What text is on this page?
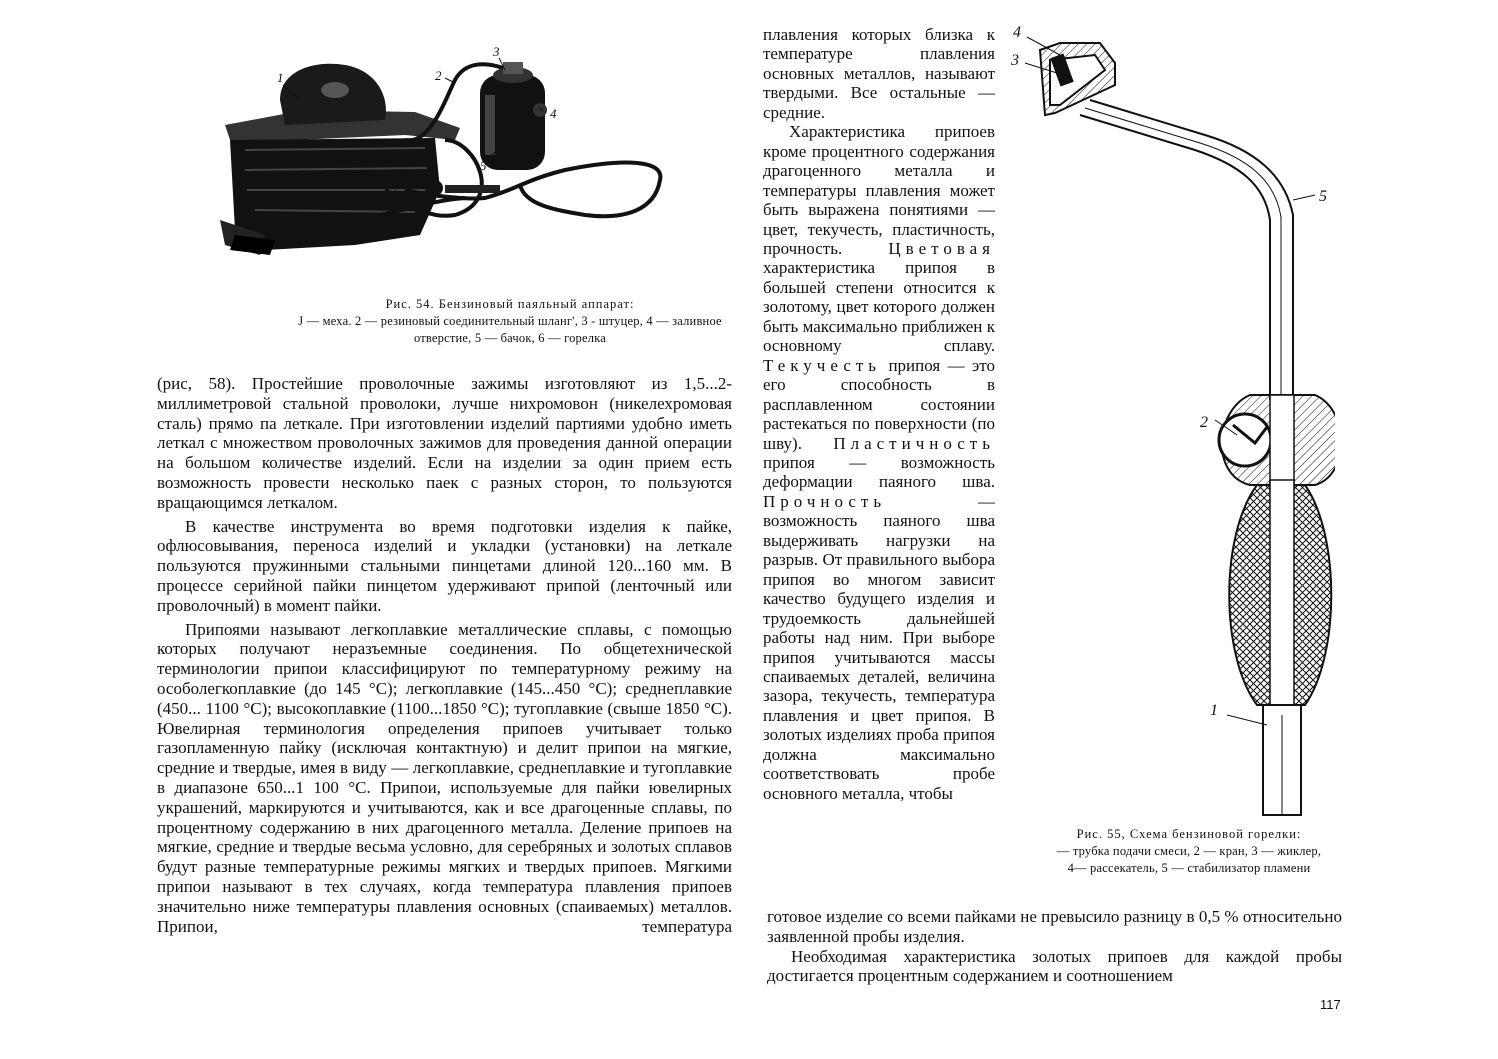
1	2
3
4
5
6
Рис. 54. Бензиновый паяльный аппарат:
J — меха. 2 — резиновый соединительный шланг', 3 - штуцер, 4 — заливное
отверстие, 5 — бачок, 6 — горелка

(рис, 58). Простейшие проволочные зажимы изготовляют из 1,5...2-миллиметровой стальной проволоки, лучше нихромовон (никелехромовая сталь) прямо па леткале. При изготовлении изделий партиями удобно иметь леткал с множеством проволочных зажимов для проведения данной операции на большом количестве изделий. Если на изделии за один прием есть возможность провести несколько паек с разных сторон, то пользуются вращающимся леткалом.

В качестве инструмента во время подготовки изделия к пайке, офлюсовывания, переноса изделий и укладки (установки) на леткале пользуются пружинными стальными пинцетами длиной 120...160 мм. В процессе серийной пайки пинцетом удерживают припой (ленточный или проволочный) в момент пайки.

Припоями называют легкоплавкие металлические сплавы, с помощью которых получают неразъемные соединения. По общетехнической терминологии припои классифицируют по температурному режиму на особолегкоплавкие (до 145 °С); легкоплавкие (145...450 °С); среднеплавкие (450... 1100 °С); высокоплавкие (1100...1850 °С); тугоплавкие (свыше 1850 °С). Ювелирная терминология определения припоев учитывает только газопламенную пайку (исключая контактную) и делит припои на мягкие, средние и твердые, имея в виду — легкоплавкие, среднеплавкие и тугоплавкие в диапазоне 650...1 100 °С. Припои, используемые для пайки ювелирных украшений, маркируются и учитываются, как и все драгоценные сплавы, по процентному содержанию в них драгоценного металла. Деление припоев на мягкие, средние и твердые весьма условно, для серебряных и золотых сплавов будут разные температурные режимы мягких и твердых припоев. Мягкими припои называют в тех случаях, когда температура плавления припоев значительно ниже температуры плавления основных (спаиваемых) металлов. Припои, температура

плавления которых близка к температуре плавления основных металлов, называют твердыми. Все остальные — средние.

Характеристика припоев кроме процентного содержания драгоценного металла и температуры плавления может быть выражена понятиями — цвет, текучесть, пластичность, прочность.	Цветовая характеристика припоя в большей степени относится к золотому, цвет которого должен быть максимально приближен к основному сплаву. Текучесть припоя — это его способность в расплавленном состоянии растекаться по поверхности (по шву). Пластичность припоя — возможность деформации паяного шва. Прочность	— возможность паяного шва выдерживать нагрузки на разрыв. От правильного выбора припоя во многом зависит качество будущего изделия и трудоемкость дальнейшей работы над ним. При выборе припоя учитываются массы спаиваемых деталей, величина зазора, текучесть, температура плавления и цвет припоя. В золотых изделиях проба припоя должна максимально соответствовать пробе основного металла, чтобы

4
3
5
2
1
Рис. 55, Схема бензиновой горелки:
— трубка подачи смеси, 2 — кран, 3 — жиклер,
4— рассекатель, 5 — стабилизатор пламени

готовое изделие со всеми пайками не превысило разницу в 0,5 % относительно заявленной пробы изделия.

Необходимая характеристика золотых припоев для каждой пробы достигается процентным содержанием и соотношением

117
